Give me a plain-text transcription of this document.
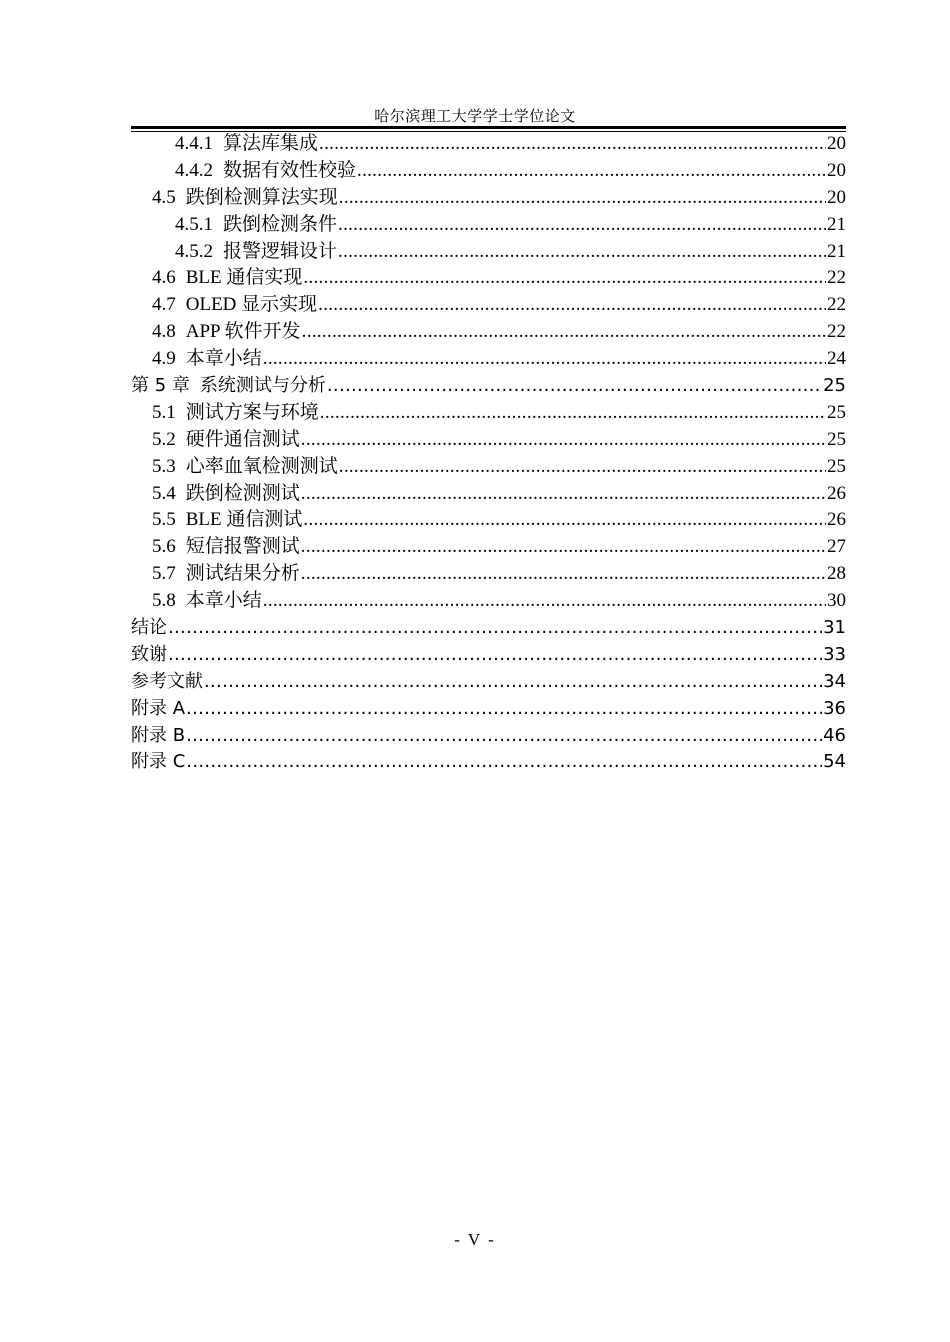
哈尔滨理工大学学士学位论文
4.4.1 算法库集成 .....	20
4.4.2 数据有效性校验 .....	20
4.5 跌倒检测算法实现 .....	20
4.5.1 跌倒检测条件 .....	21
4.5.2 报警逻辑设计 .....	21
4.6 BLE 通信实现 .....	22
4.7 OLED 显示实现 .....	22
4.8 APP 软件开发 .....	22
4.9 本章小结 .....	24
第 5 章 系统测试与分析 .....	25
5.1 测试方案与环境 .....	25
5.2 硬件通信测试 .....	25
5.3 心率血氧检测测试 .....	25
5.4 跌倒检测测试 .....	26
5.5 BLE 通信测试 .....	26
5.6 短信报警测试 .....	27
5.7 测试结果分析 .....	28
5.8 本章小结 .....	30
结论 .....	31
致谢 .....	33
参考文献 .....	34
附录 A .....	36
附录 B .....	46
附录 C .....	54
- V -
